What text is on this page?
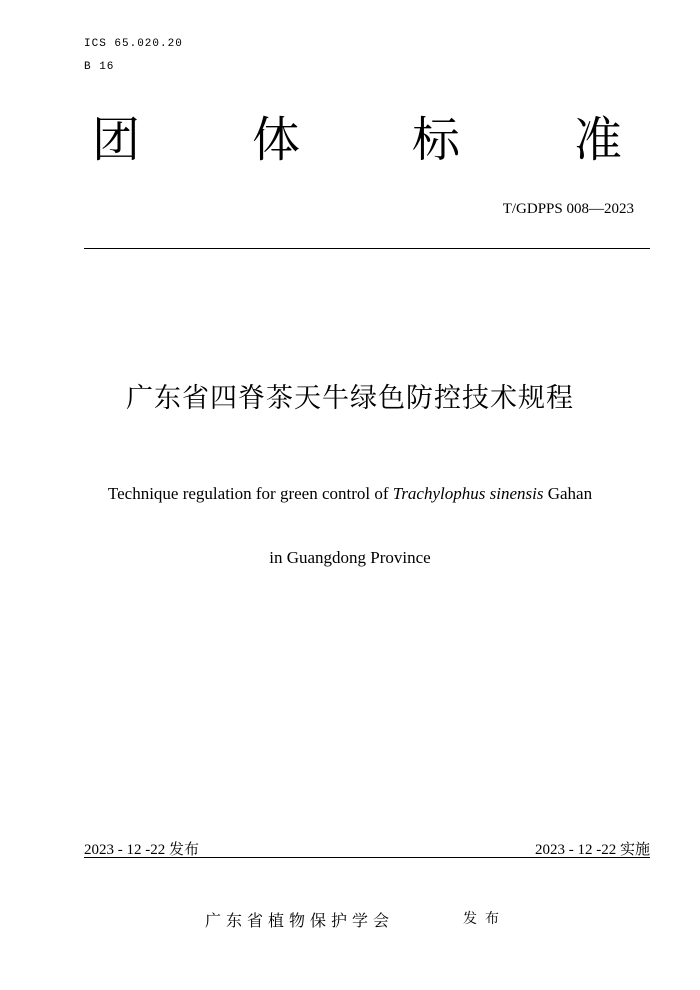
ICS 65.020.20
B 16
团 体 标 准
T/GDPPS 008—2023
广东省四脊茶天牛绿色防控技术规程
Technique regulation for green control of Trachylophus sinensis Gahan
in Guangdong Province
2023 - 12 -22 发布	2023 - 12 -22 实施
广东省植物保护学会	发布
